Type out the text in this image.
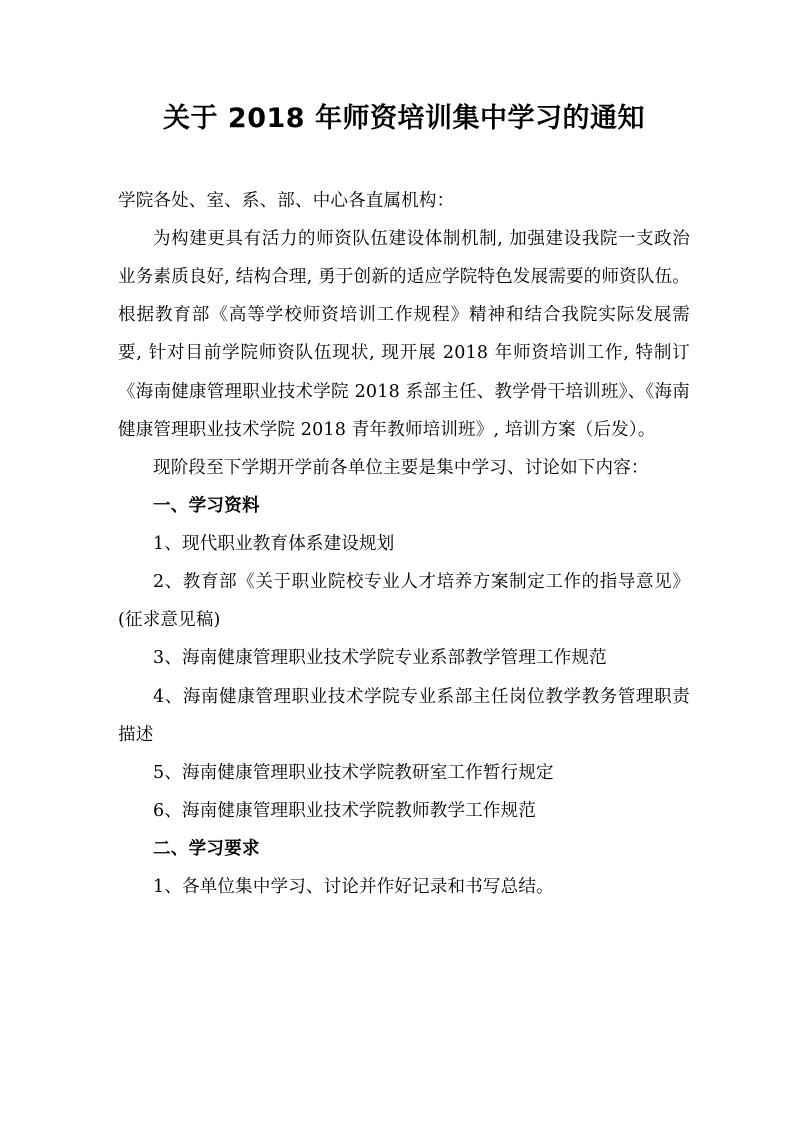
关于 2018 年师资培训集中学习的通知

学院各处、室、系、部、中心各直属机构：

为构建更具有活力的师资队伍建设体制机制, 加强建设我院一支政治业务素质良好, 结构合理, 勇于创新的适应学院特色发展需要的师资队伍。根据教育部《高等学校师资培训工作规程》精神和结合我院实际发展需要, 针对目前学院师资队伍现状, 现开展 2018 年师资培训工作, 特制订《海南健康管理职业技术学院 2018 系部主任、教学骨干培训班》、《海南健康管理职业技术学院 2018 青年教师培训班》, 培训方案（后发）。

现阶段至下学期开学前各单位主要是集中学习、讨论如下内容：

一、学习资料

1、现代职业教育体系建设规划

2、教育部《关于职业院校专业人才培养方案制定工作的指导意见》(征求意见稿)

3、海南健康管理职业技术学院专业系部教学管理工作规范

4、海南健康管理职业技术学院专业系部主任岗位教学教务管理职责描述

5、海南健康管理职业技术学院教研室工作暂行规定

6、海南健康管理职业技术学院教师教学工作规范

二、学习要求

1、各单位集中学习、讨论并作好记录和书写总结。
